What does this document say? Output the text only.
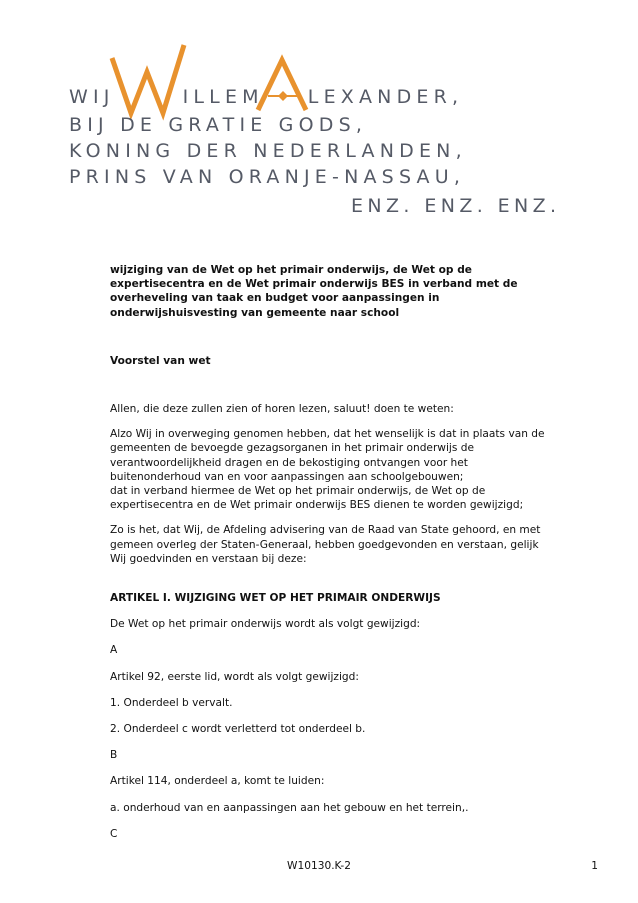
WIJ	ILLEM LEXANDER,

BIJ DE GRATIE GODS,

KONING DER NEDERLANDEN,

PRINS VAN ORANJE-NASSAU,

ENZ. ENZ. ENZ.

wijziging van de Wet op het primair onderwijs, de Wet op de expertisecentra en de Wet primair onderwijs BES in verband met de overheveling van taak en budget voor aanpassingen in onderwijshuisvesting van gemeente naar school

Voorstel van wet

Allen, die deze zullen zien of horen lezen, saluut! doen te weten:

Alzo Wij in overweging genomen hebben, dat het wenselijk is dat in plaats van de gemeenten de bevoegde gezagsorganen in het primair onderwijs de verantwoordelijkheid dragen en de bekostiging ontvangen voor het buitenonderhoud van en voor aanpassingen aan schoolgebouwen;

dat in verband hiermee de Wet op het primair onderwijs, de Wet op de expertisecentra en de Wet primair onderwijs BES dienen te worden gewijzigd;

Zo is het, dat Wij, de Afdeling advisering van de Raad van State gehoord, en met gemeen overleg der Staten-Generaal, hebben goedgevonden en verstaan, gelijk Wij goedvinden en verstaan bij deze:

ARTIKEL I. WIJZIGING WET OP HET PRIMAIR ONDERWIJS

De Wet op het primair onderwijs wordt als volgt gewijzigd:

A

Artikel 92, eerste lid, wordt als volgt gewijzigd:

1. Onderdeel b vervalt.

2. Onderdeel c wordt verletterd tot onderdeel b.

B

Artikel 114, onderdeel a, komt te luiden:

a. onderhoud van en aanpassingen aan het gebouw en het terrein,.

C

W10130.K-2	1
